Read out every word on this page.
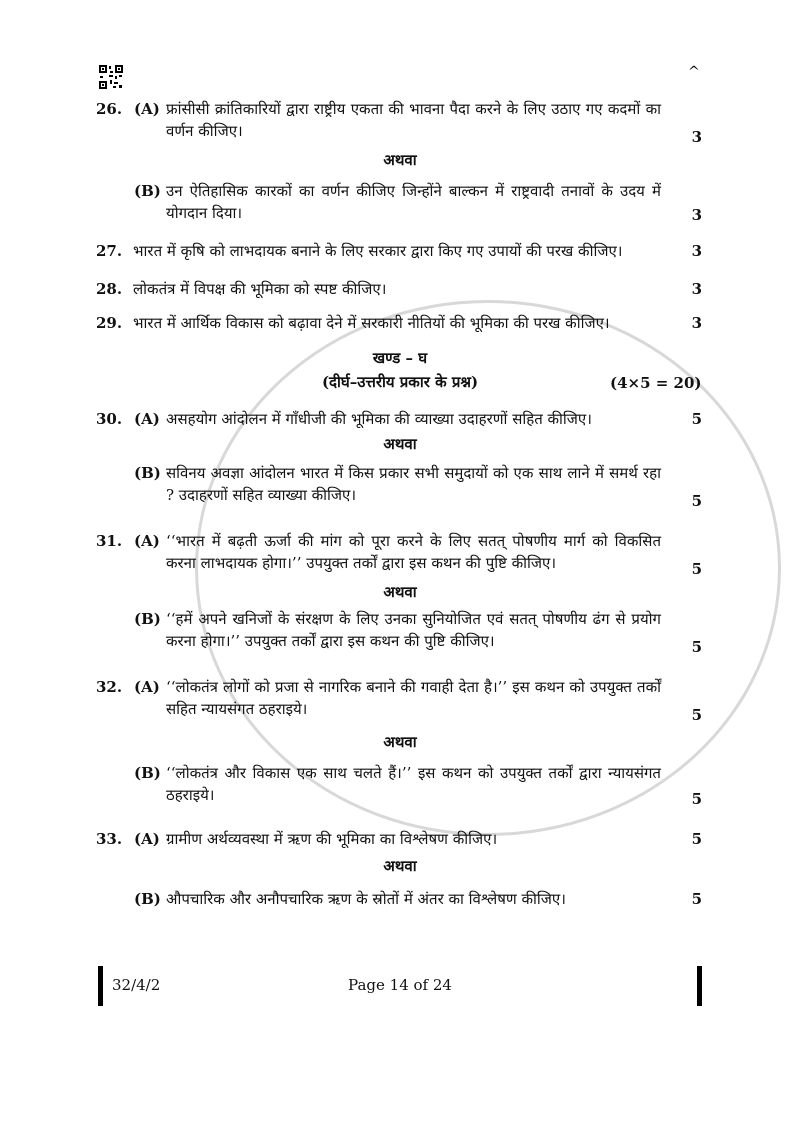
^
26. (A) फ्रांसीसी क्रांतिकारियों द्वारा राष्ट्रीय एकता की भावना पैदा करने के लिए उठाए गए कदमों का वर्णन कीजिए।	3
अथवा
(B) उन ऐतिहासिक कारकों का वर्णन कीजिए जिन्होंने बाल्कन में राष्ट्रवादी तनावों के उदय में योगदान दिया।	3
27. भारत में कृषि को लाभदायक बनाने के लिए सरकार द्वारा किए गए उपायों की परख कीजिए।	3
28. लोकतंत्र में विपक्ष की भूमिका को स्पष्ट कीजिए।	3
29. भारत में आर्थिक विकास को बढ़ावा देने में सरकारी नीतियों की भूमिका की परख कीजिए।	3
खण्ड – घ
(दीर्घ–उत्तरीय प्रकार के प्रश्न)	(4×5 = 20)
30. (A) असहयोग आंदोलन में गाँधीजी की भूमिका की व्याख्या उदाहरणों सहित कीजिए।	5
अथवा
(B) सविनय अवज्ञा आंदोलन भारत में किस प्रकार सभी समुदायों को एक साथ लाने में समर्थ रहा ? उदाहरणों सहित व्याख्या कीजिए।	5
31. (A) ‘‘भारत में बढ़ती ऊर्जा की मांग को पूरा करने के लिए सतत् पोषणीय मार्ग को विकसित करना लाभदायक होगा।’’ उपयुक्त तर्कों द्वारा इस कथन की पुष्टि कीजिए।	5
अथवा
(B) ‘‘हमें अपने खनिजों के संरक्षण के लिए उनका सुनियोजित एवं सतत् पोषणीय ढंग से प्रयोग करना होगा।’’ उपयुक्त तर्कों द्वारा इस कथन की पुष्टि कीजिए।	5
32. (A) ‘‘लोकतंत्र लोगों को प्रजा से नागरिक बनाने की गवाही देता है।’’ इस कथन को उपयुक्त तर्कों सहित न्यायसंगत ठहराइये।	5
अथवा
(B) ‘‘लोकतंत्र और विकास एक साथ चलते हैं।’’ इस कथन को उपयुक्त तर्कों द्वारा न्यायसंगत ठहराइये।	5
33. (A) ग्रामीण अर्थव्यवस्था में ऋण की भूमिका का विश्लेषण कीजिए।	5
अथवा
(B) औपचारिक और अनौपचारिक ऋण के स्रोतों में अंतर का विश्लेषण कीजिए।	5
32/4/2	Page 14 of 24
